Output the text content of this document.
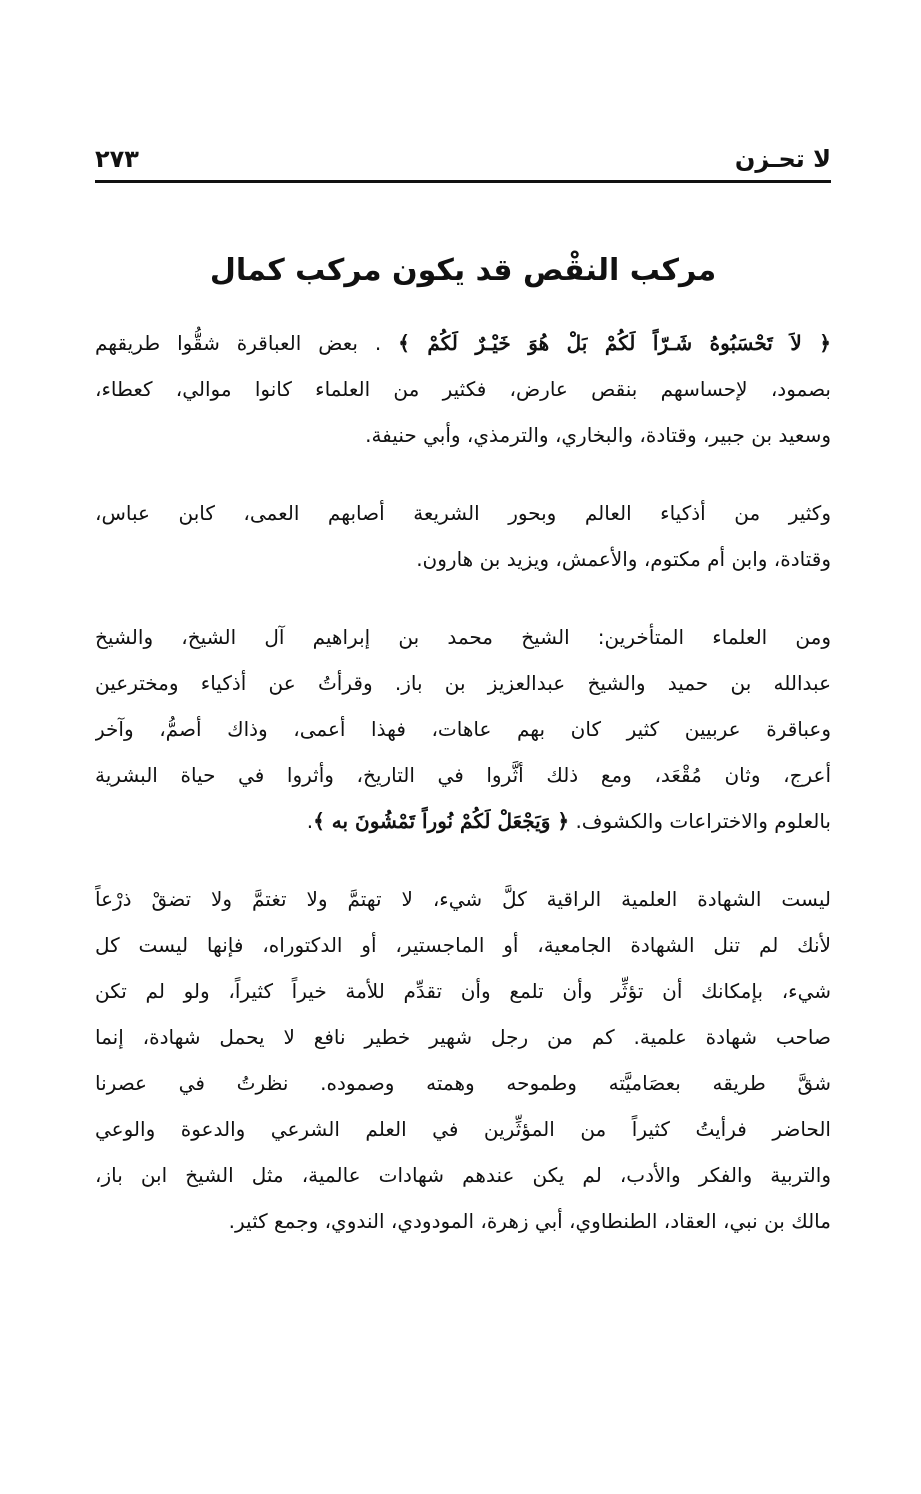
لا تحـزن
٢٧٣
مركب النقْص قد يكون مركب كمال

﴿ لاَ تَحْسَبُوهُ شَـرّاً لَكُمْ بَلْ هُوَ خَيْـرٌ لَكُمْ ﴾ . بعض العباقرة شقُّوا طريقهم
بصمود، لإحساسهم بنقص عارض، فكثير من العلماء كانوا موالي، كعطاء،
وسعيد بن جبير، وقتادة، والبخاري، والترمذي، وأبي حنيفة.

وكثير من أذكياء العالم وبحور الشريعة أصابهم العمى، كابن عباس،
وقتادة، وابن أم مكتوم، والأعمش، ويزيد بن هارون.

ومن العلماء المتأخرين: الشيخ محمد بن إبراهيم آل الشيخ، والشيخ
عبدالله بن حميد والشيخ عبدالعزيز بن باز. وقرأتُ عن أذكياء ومخترعين
وعباقرة عربيين كثير كان بهم عاهات، فهذا أعمى، وذاك أصمُّ، وآخر
أعرج، وثان مُقْعَد، ومع ذلك أثَّروا في التاريخ، وأثروا في حياة البشرية
بالعلوم والاختراعات والكشوف. ﴿ وَيَجْعَلْ لَكُمْ نُوراً تَمْشُونَ به ﴾.

ليست الشهادة العلمية الراقية كلَّ شيء، لا تهتمَّ ولا تغتمَّ ولا تضقْ ذرْعاً
لأنك لم تنل الشهادة الجامعية، أو الماجستير، أو الدكتوراه، فإنها ليست كل
شيء، بإمكانك أن تؤثِّر وأن تلمع وأن تقدِّم للأمة خيراً كثيراً، ولو لم تكن
صاحب شهادة علمية. كم من رجل شهير خطير نافع لا يحمل شهادة، إنما
شقَّ طريقه بعصَاميَّته وطموحه وهمته وصموده. نظرتُ في عصرنا
الحاضر فرأيتُ كثيراً من المؤثِّرين في العلم الشرعي والدعوة والوعي
والتربية والفكر والأدب، لم يكن عندهم شهادات عالمية، مثل الشيخ ابن باز،
مالك بن نبي، العقاد، الطنطاوي، أبي زهرة، المودودي، الندوي، وجمع كثير.
